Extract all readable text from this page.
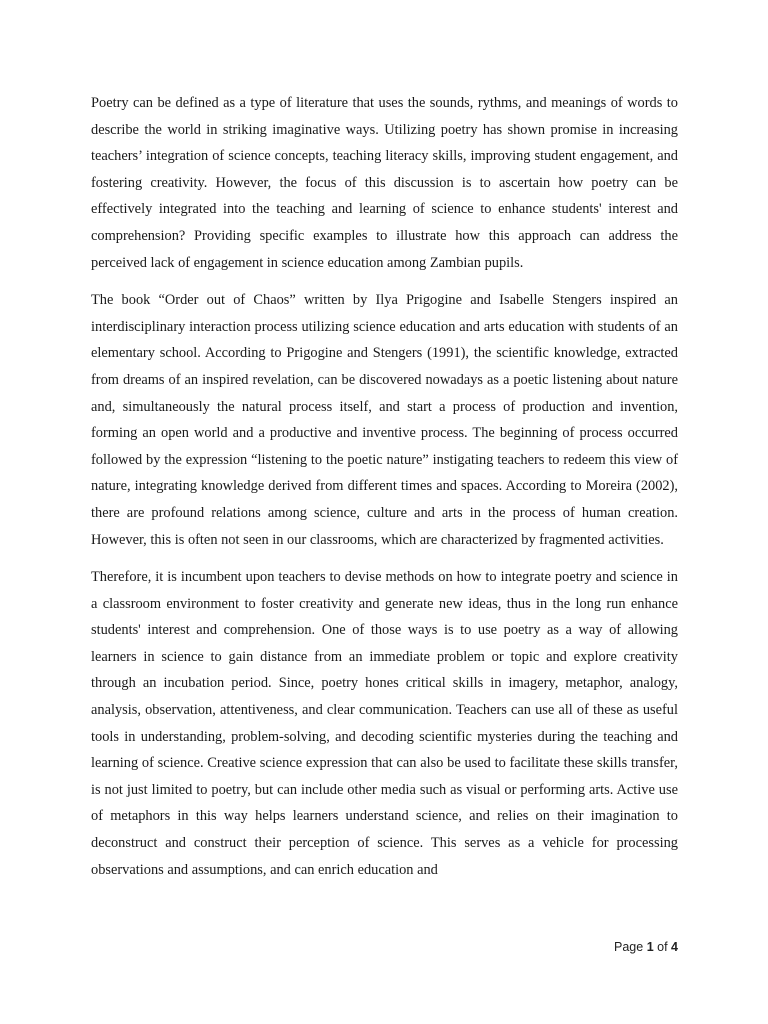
Poetry can be defined as a type of literature that uses the sounds, rythms, and meanings of words to describe the world in striking imaginative ways. Utilizing poetry has shown promise in increasing teachers’ integration of science concepts, teaching literacy skills, improving student engagement, and fostering creativity. However, the focus of this discussion is to ascertain how poetry can be effectively integrated into the teaching and learning of science to enhance students' interest and comprehension? Providing specific examples to illustrate how this approach can address the perceived lack of engagement in science education among Zambian pupils.

The book “Order out of Chaos” written by Ilya Prigogine and Isabelle Stengers inspired an interdisciplinary interaction process utilizing science education and arts education with students of an elementary school. According to Prigogine and Stengers (1991), the scientific knowledge, extracted from dreams of an inspired revelation, can be discovered nowadays as a poetic listening about nature and, simultaneously the natural process itself, and start a process of production and invention, forming an open world and a productive and inventive process. The beginning of process occurred followed by the expression “listening to the poetic nature” instigating teachers to redeem this view of nature, integrating knowledge derived from different times and spaces. According to Moreira (2002), there are profound relations among science, culture and arts in the process of human creation. However, this is often not seen in our classrooms, which are characterized by fragmented activities.

Therefore, it is incumbent upon teachers to devise methods on how to integrate poetry and science in a classroom environment to foster creativity and generate new ideas, thus in the long run enhance students' interest and comprehension. One of those ways is to use poetry as a way of allowing learners in science to gain distance from an immediate problem or topic and explore creativity through an incubation period. Since, poetry hones critical skills in imagery, metaphor, analogy, analysis, observation, attentiveness, and clear communication. Teachers can use all of these as useful tools in understanding, problem-solving, and decoding scientific mysteries during the teaching and learning of science. Creative science expression that can also be used to facilitate these skills transfer, is not just limited to poetry, but can include other media such as visual or performing arts. Active use of metaphors in this way helps learners understand science, and relies on their imagination to deconstruct and construct their perception of science. This serves as a vehicle for processing observations and assumptions, and can enrich education and

Page 1 of 4
